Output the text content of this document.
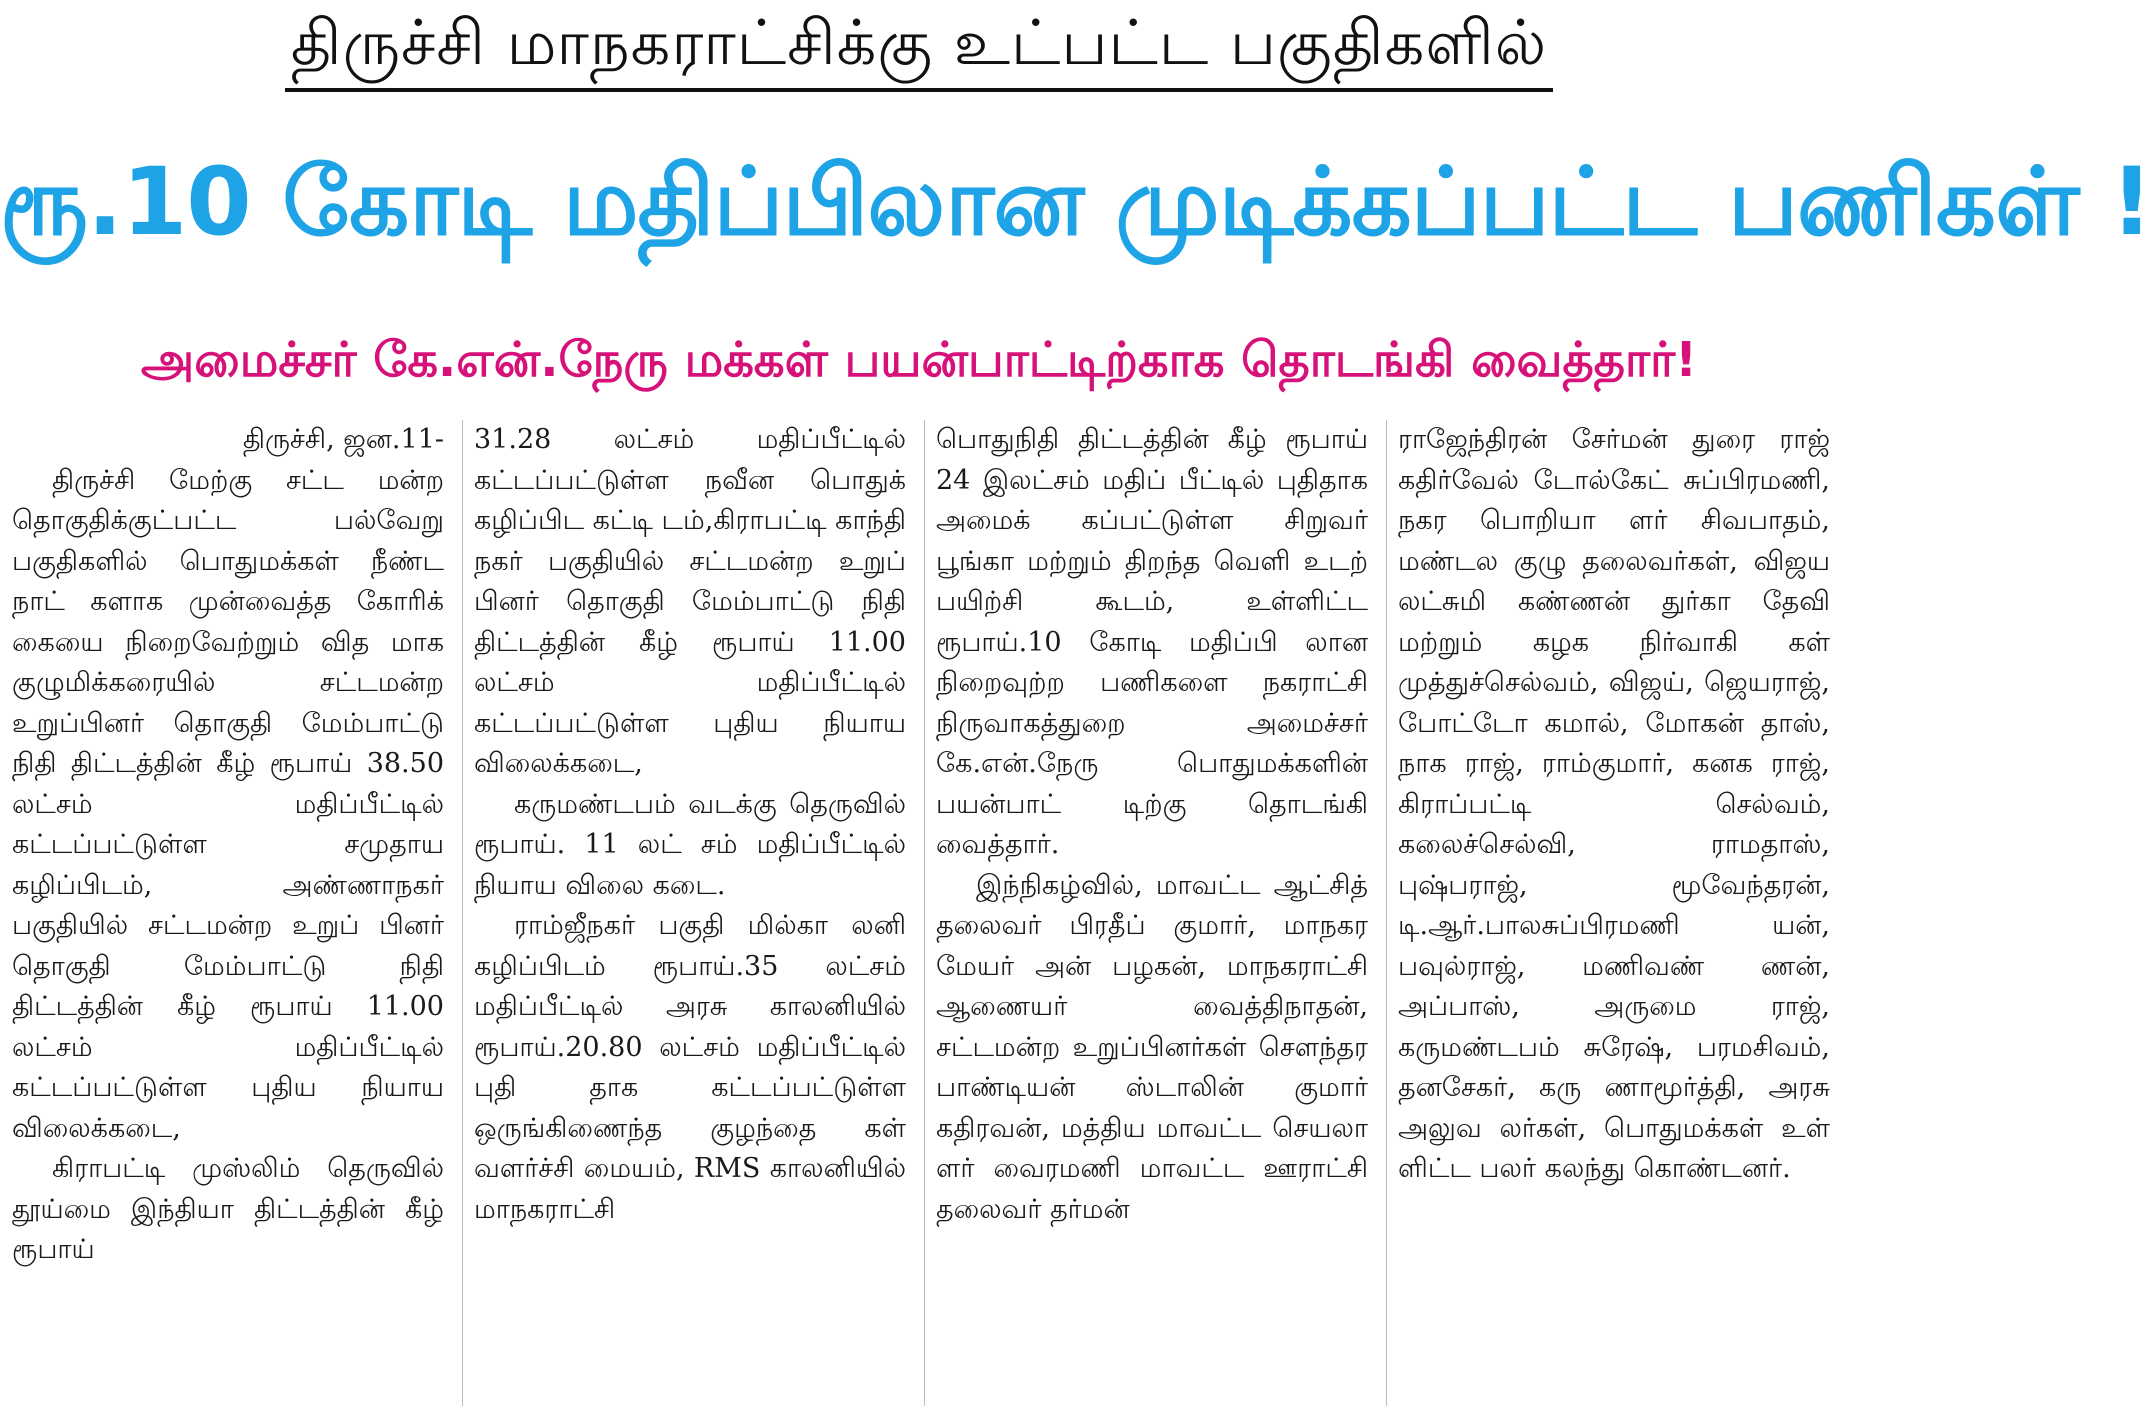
திருச்சி மாநகராட்சிக்கு உட்பட்ட பகுதிகளில்
ரூ.10 கோடி மதிப்பிலான முடிக்கப்பட்ட பணிகள் !
அமைச்சர் கே.என்.நேரு மக்கள் பயன்பாட்டிற்காக தொடங்கி வைத்தார்!

திருச்சி, ஜன.11-

திருச்சி மேற்கு சட்ட மன்ற தொகுதிக்குட்பட்ட பல்வேறு பகுதிகளில் பொதுமக்கள் நீண்ட நாட் களாக முன்வைத்த கோரிக் கையை நிறைவேற்றும் வித மாக குழுமிக்கரையில் சட்டமன்ற உறுப்பினர் தொகுதி மேம்பாட்டு நிதி திட்டத்தின் கீழ் ரூபாய் 38.50 லட்சம் மதிப்பீட்டில் கட்டப்பட்டுள்ள சமுதாய கழிப்பிடம், அண்ணாநகர் பகுதியில் சட்டமன்ற உறுப் பினர் தொகுதி மேம்பாட்டு நிதி திட்டத்தின் கீழ் ரூபாய் 11.00 லட்சம் மதிப்பீட்டில் கட்டப்பட்டுள்ள புதிய நியாய விலைக்கடை,

கிராபட்டி முஸ்லிம் தெருவில் தூய்மை இந்தியா திட்டத்தின் கீழ் ரூபாய்

31.28 லட்சம் மதிப்பீட்டில் கட்டப்பட்டுள்ள நவீன பொதுக் கழிப்பிட கட்டி டம்,கிராபட்டி காந்தி நகர் பகுதியில் சட்டமன்ற உறுப் பினர் தொகுதி மேம்பாட்டு நிதி திட்டத்தின் கீழ் ரூபாய் 11.00 லட்சம் மதிப்பீட்டில் கட்டப்பட்டுள்ள புதிய நியாய விலைக்கடை,

கருமண்டபம் வடக்கு தெருவில் ரூபாய். 11 லட் சம் மதிப்பீட்டில் நியாய விலை கடை.

ராம்ஜீநகர் பகுதி மில்கா லனி கழிப்பிடம் ரூபாய்.35 லட்சம் மதிப்பீட்டில் அரசு காலனியில் ரூபாய்.20.80 லட்சம் மதிப்பீட்டில் புதி தாக கட்டப்பட்டுள்ள ஒருங்கிணைந்த குழந்தை கள் வளர்ச்சி மையம், RMS காலனியில் மாநகராட்சி

பொதுநிதி திட்டத்தின் கீழ் ரூபாய் 24 இலட்சம் மதிப் பீட்டில் புதிதாக அமைக் கப்பட்டுள்ள சிறுவர் பூங்கா மற்றும் திறந்த வெளி உடற் பயிற்சி கூடம், உள்ளிட்ட ரூபாய்.10 கோடி மதிப்பி லான நிறைவுற்ற பணிகளை நகராட்சி நிருவாகத்துறை அமைச்சர் கே.என்.நேரு பொதுமக்களின் பயன்பாட் டிற்கு தொடங்கி வைத்தார்.

இந்நிகழ்வில், மாவட்ட ஆட்சித் தலைவர் பிரதீப் குமார், மாநகர மேயர் அன் பழகன், மாநகராட்சி ஆணையர் வைத்திநாதன், சட்டமன்ற உறுப்பினர்கள் சௌந்தர பாண்டியன் ஸ்டாலின் குமார் கதிரவன், மத்திய மாவட்ட செயலா ளர் வைரமணி மாவட்ட ஊராட்சி தலைவர் தர்மன்

ராஜேந்திரன் சேர்மன் துரை ராஜ் கதிர்வேல் டோல்கேட் சுப்பிரமணி, நகர பொறியா ளர் சிவபாதம், மண்டல குழு தலைவர்கள், விஜய லட்சுமி கண்ணன் துர்கா தேவி மற்றும் கழக நிர்வாகி கள் முத்துச்செல்வம், விஜய், ஜெயராஜ், போட்டோ கமால், மோகன் தாஸ், நாக ராஜ், ராம்குமார், கனக ராஜ், கிராப்பட்டி செல்வம், கலைச்செல்வி, ராமதாஸ், புஷ்பராஜ், மூவேந்தரன், டி.ஆர்.பாலசுப்பிரமணி யன், பவுல்ராஜ், மணிவண் ணன், அப்பாஸ், அருமை ராஜ், கருமண்டபம் சுரேஷ், பரமசிவம், தனசேகர், கரு ணாமூர்த்தி, அரசு அலுவ லர்கள், பொதுமக்கள் உள் ளிட்ட பலர் கலந்து கொண்டனர்.
